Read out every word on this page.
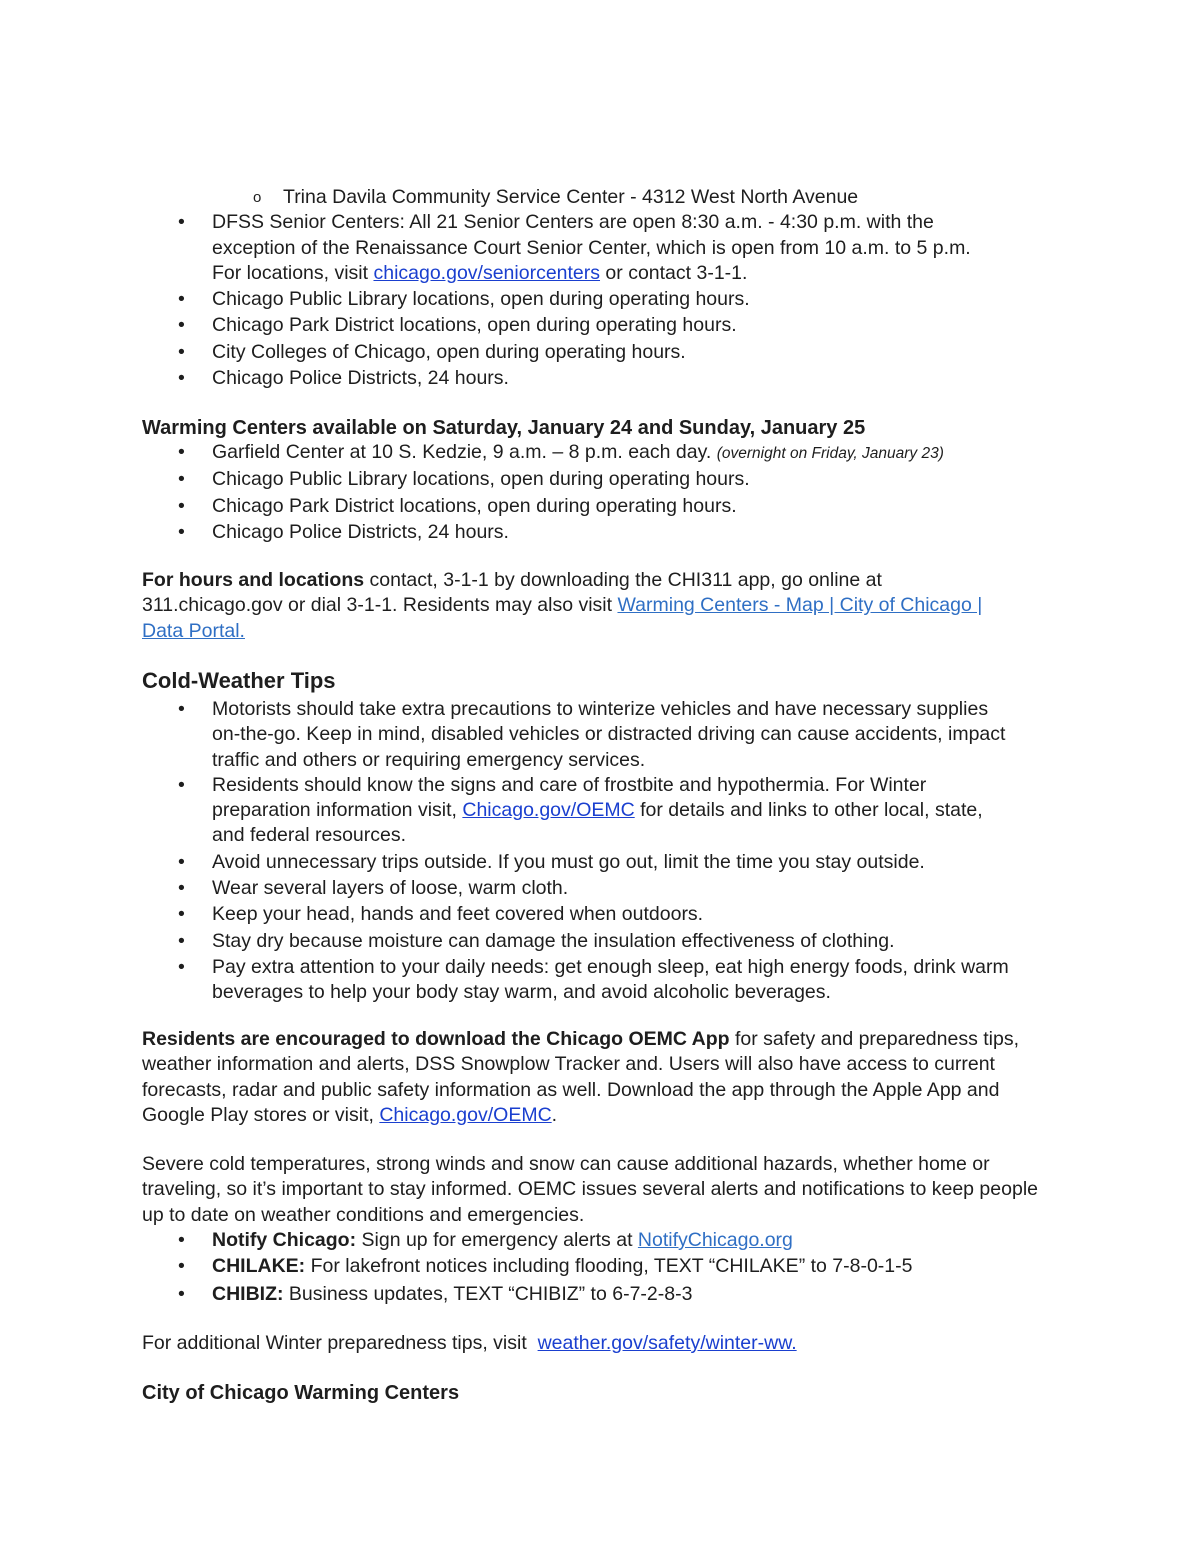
o Trina Davila Community Service Center - 4312 West North Avenue
• DFSS Senior Centers: All 21 Senior Centers are open 8:30 a.m. - 4:30 p.m. with the exception of the Renaissance Court Senior Center, which is open from 10 a.m. to 5 p.m. For locations, visit chicago.gov/seniorcenters or contact 3-1-1.
• Chicago Public Library locations, open during operating hours.
• Chicago Park District locations, open during operating hours.
• City Colleges of Chicago, open during operating hours.
• Chicago Police Districts, 24 hours.
Warming Centers available on Saturday, January 24 and Sunday, January 25
• Garfield Center at 10 S. Kedzie, 9 a.m. – 8 p.m. each day. (overnight on Friday, January 23)
• Chicago Public Library locations, open during operating hours.
• Chicago Park District locations, open during operating hours.
• Chicago Police Districts, 24 hours.

For hours and locations contact, 3-1-1 by downloading the CHI311 app, go online at 311.chicago.gov or dial 3-1-1. Residents may also visit Warming Centers - Map | City of Chicago | Data Portal.

Cold-Weather Tips
• Motorists should take extra precautions to winterize vehicles and have necessary supplies on-the-go. Keep in mind, disabled vehicles or distracted driving can cause accidents, impact traffic and others or requiring emergency services.
• Residents should know the signs and care of frostbite and hypothermia. For Winter preparation information visit, Chicago.gov/OEMC for details and links to other local, state, and federal resources.
• Avoid unnecessary trips outside. If you must go out, limit the time you stay outside.
• Wear several layers of loose, warm cloth.
• Keep your head, hands and feet covered when outdoors.
• Stay dry because moisture can damage the insulation effectiveness of clothing.
• Pay extra attention to your daily needs: get enough sleep, eat high energy foods, drink warm beverages to help your body stay warm, and avoid alcoholic beverages.

Residents are encouraged to download the Chicago OEMC App for safety and preparedness tips, weather information and alerts, DSS Snowplow Tracker and. Users will also have access to current forecasts, radar and public safety information as well. Download the app through the Apple App and Google Play stores or visit, Chicago.gov/OEMC.

Severe cold temperatures, strong winds and snow can cause additional hazards, whether home or traveling, so it’s important to stay informed. OEMC issues several alerts and notifications to keep people up to date on weather conditions and emergencies.

• Notify Chicago: Sign up for emergency alerts at NotifyChicago.org
• CHILAKE: For lakefront notices including flooding, TEXT “CHILAKE” to 7-8-0-1-5
• CHIBIZ: Business updates, TEXT “CHIBIZ” to 6-7-2-8-3

For additional Winter preparedness tips, visit  weather.gov/safety/winter-ww.

City of Chicago Warming Centers
